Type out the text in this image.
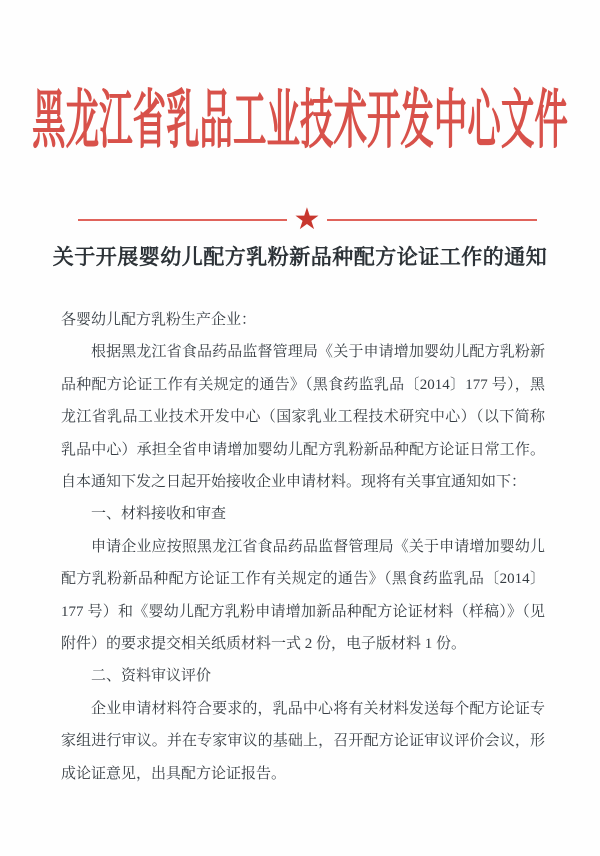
黑龙江省乳品工业技术开发中心文件
★
关于开展婴幼儿配方乳粉新品种配方论证工作的通知

各婴幼儿配方乳粉生产企业：

根据黑龙江省食品药品监督管理局《关于申请增加婴幼儿配方乳粉新品种配方论证工作有关规定的通告》（黑食药监乳品〔2014〕177 号），黑龙江省乳品工业技术开发中心（国家乳业工程技术研究中心）（以下简称乳品中心）承担全省申请增加婴幼儿配方乳粉新品种配方论证日常工作。自本通知下发之日起开始接收企业申请材料。现将有关事宜通知如下：

一、材料接收和审查

申请企业应按照黑龙江省食品药品监督管理局《关于申请增加婴幼儿配方乳粉新品种配方论证工作有关规定的通告》（黑食药监乳品〔2014〕177 号）和《婴幼儿配方乳粉申请增加新品种配方论证材料（样稿）》（见附件）的要求提交相关纸质材料一式 2 份，电子版材料 1 份。

二、资料审议评价

企业申请材料符合要求的，乳品中心将有关材料发送每个配方论证专家组进行审议。并在专家审议的基础上，召开配方论证审议评价会议，形成论证意见，出具配方论证报告。
